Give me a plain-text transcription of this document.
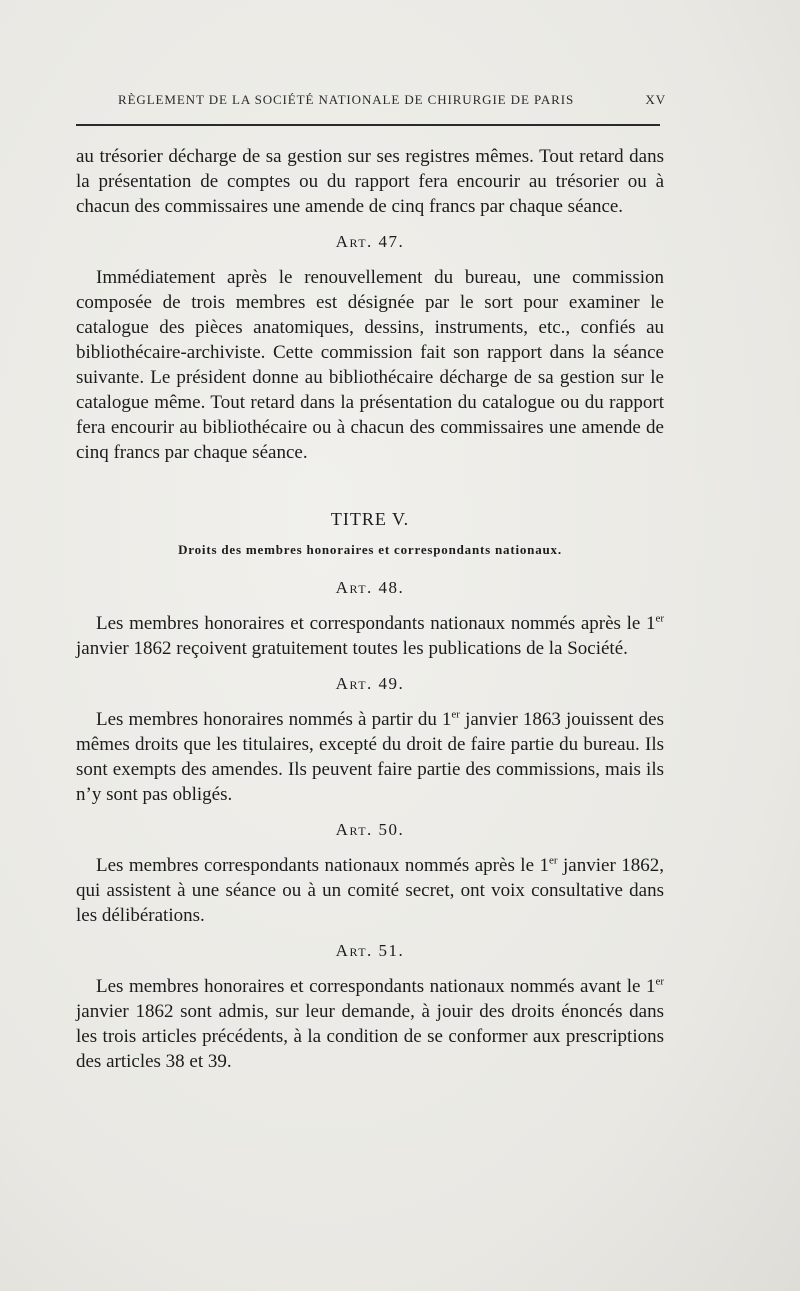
RÈGLEMENT DE LA SOCIÉTÉ NATIONALE DE CHIRURGIE DE PARIS	XV

au trésorier décharge de sa gestion sur ses registres mêmes. Tout retard dans la présentation de comptes ou du rapport fera encourir au trésorier ou à chacun des commissaires une amende de cinq francs par chaque séance.

Art. 47.

Immédiatement après le renouvellement du bureau, une commission composée de trois membres est désignée par le sort pour examiner le catalogue des pièces anatomiques, dessins, instruments, etc., confiés au bibliothécaire-archiviste. Cette commission fait son rapport dans la séance suivante. Le président donne au bibliothécaire décharge de sa gestion sur le catalogue même. Tout retard dans la présentation du catalogue ou du rapport fera encourir au bibliothécaire ou à chacun des commissaires une amende de cinq francs par chaque séance.

TITRE V.

Droits des membres honoraires et correspondants nationaux.

Art. 48.

Les membres honoraires et correspondants nationaux nommés après le 1er janvier 1862 reçoivent gratuitement toutes les publications de la Société.

Art. 49.

Les membres honoraires nommés à partir du 1er janvier 1863 jouissent des mêmes droits que les titulaires, excepté du droit de faire partie du bureau. Ils sont exempts des amendes. Ils peuvent faire partie des commissions, mais ils n’y sont pas obligés.

Art. 50.

Les membres correspondants nationaux nommés après le 1er janvier 1862, qui assistent à une séance ou à un comité secret, ont voix consultative dans les délibérations.

Art. 51.

Les membres honoraires et correspondants nationaux nommés avant le 1er janvier 1862 sont admis, sur leur demande, à jouir des droits énoncés dans les trois articles précédents, à la condition de se conformer aux prescriptions des articles 38 et 39.
